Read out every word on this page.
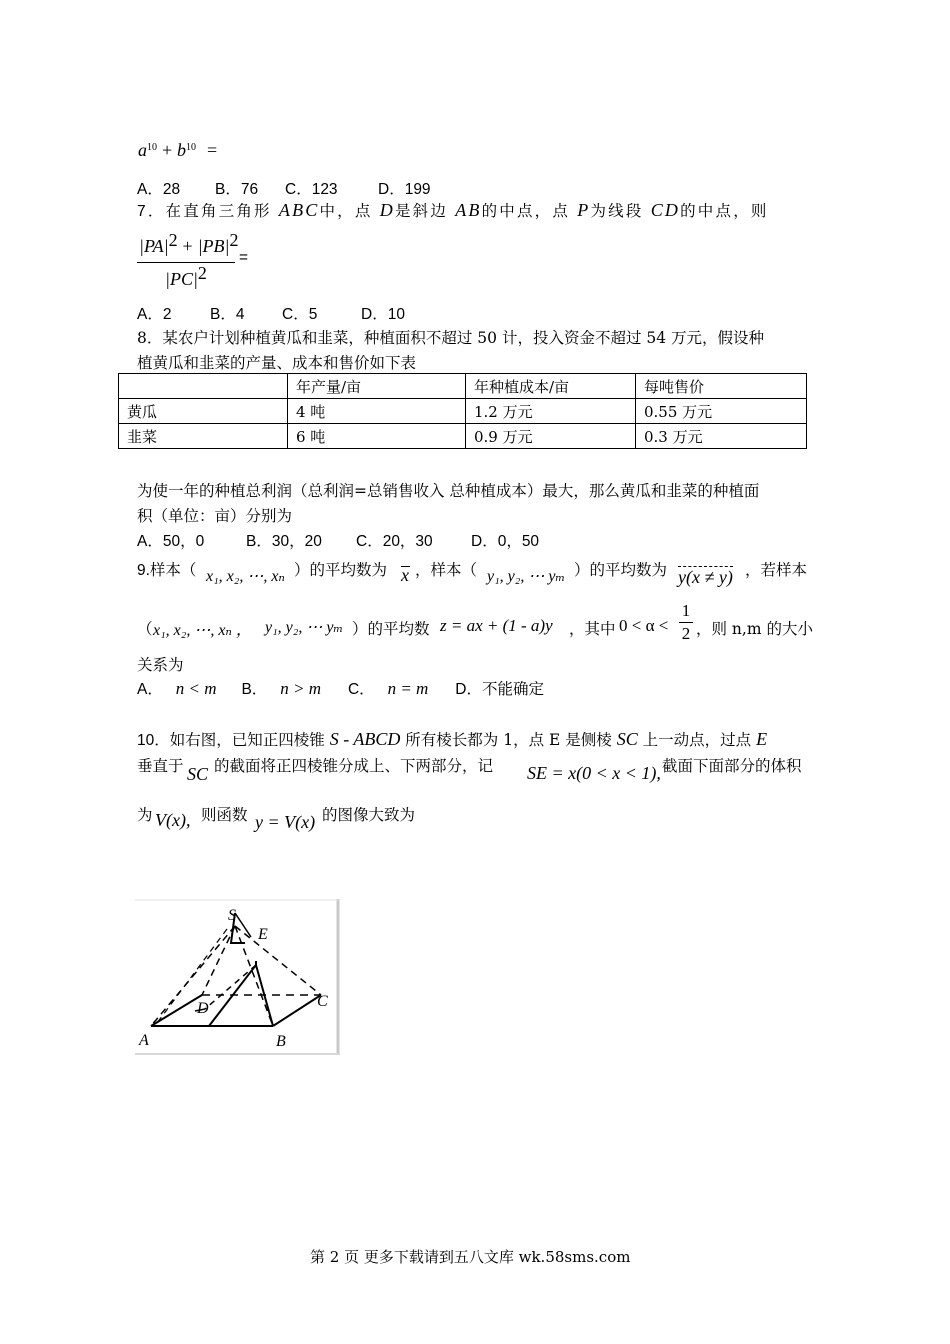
$a^{10} + b^{10}$ =
A．28 B．76 C．123	D．199
7．在直角三角形 ABC中，点 D是斜边 AB的中点，点 P为线段 CD的中点，则
$|PA|^2 + |PB|^2$
$|PC|^2$
=
A．2 B．4 C．5	D．10
8．某农户计划种植黄瓜和韭菜，种植面积不超过 50 计，投入资金不超过 54 万元，假设种
植黄瓜和韭菜的产量、成本和售价如下表
	年产量/亩	年种植成本/亩	每吨售价
黄瓜	4 吨	1.2 万元	0.55 万元
韭菜	6 吨	0.9 万元	0.3 万元
为使一年的种植总利润（总利润=总销售收入 总种植成本）最大，那么黄瓜和韭菜的种植面
积（单位：亩）分别为
A．50，0	B．30，20 C．20，30 D．0，50
9.样本（ x₁, x₂, ⋯, xₙ ）的平均数为 x ，样本（ y₁, y₂, ⋯ yₘ ）的平均数为 y(x ≠ y) ，若样本
（ x₁, x₂, ⋯, xₙ ， y₁, y₂, ⋯ yₘ ）的平均数 z = ax + (1 - a)y ，其中 0 < α <
1
2 ，则 n,m 的大小
关系为
A． n < m B． n > m C． n = m D．不能确定
10．如右图，已知正四棱锥 S - ABCD 所有棱长都为 1，点 E 是侧棱 SC 上一动点，过点 E
垂直于 SC 的截面将正四棱锥分成上、下两部分，记 SE = x(0 < x < 1), 截面下面部分的体积
为 V(x), 则函数 y = V(x) 的图像大致为
S
E
D	C
A	B
第 2 页 更多下载请到五八文库 wk.58sms.com
